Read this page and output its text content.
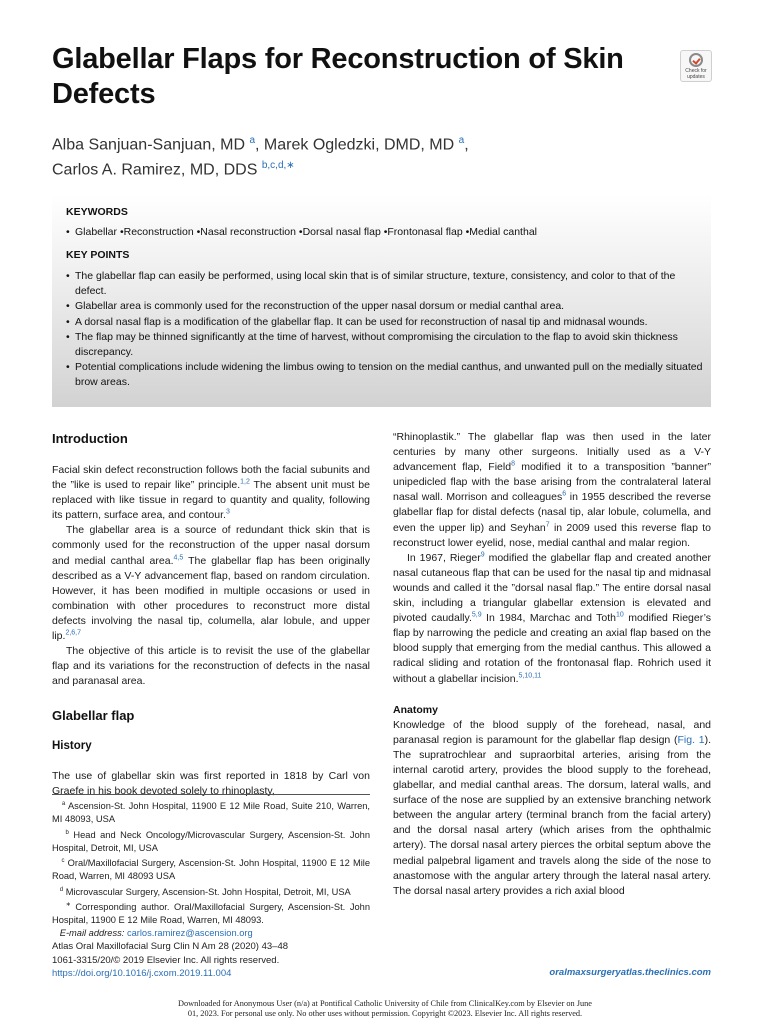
Glabellar Flaps for Reconstruction of Skin Defects
Check for updates
Alba Sanjuan-Sanjuan, MD $^a$, Marek Ogledzki, DMD, MD $^a$,
Carlos A. Ramirez, MD, DDS $^{b,c,d,∗}$
KEYWORDS
• Glabellar • Reconstruction • Nasal reconstruction • Dorsal nasal flap • Frontonasal flap • Medial canthal
KEY POINTS
• The glabellar flap can easily be performed, using local skin that is of similar structure, texture, consistency, and color to that of the defect.
• Glabellar area is commonly used for the reconstruction of the upper nasal dorsum or medial canthal area.
• A dorsal nasal flap is a modification of the glabellar flap. It can be used for reconstruction of nasal tip and midnasal wounds.
• The flap may be thinned significantly at the time of harvest, without compromising the circulation to the flap to avoid skin thickness discrepancy.
• Potential complications include widening the limbus owing to tension on the medial canthus, and unwanted pull on the medially situated brow areas.
Introduction

Facial skin defect reconstruction follows both the facial subunits and the ”like is used to repair like” principle.$^{1,2}$ The absent unit must be replaced with like tissue in regard to quantity and quality, following its pattern, surface area, and contour.$^3$

The glabellar area is a source of redundant thick skin that is commonly used for the reconstruction of the upper nasal dorsum and medial canthal area.$^{4,5}$ The glabellar flap has been originally described as a V-Y advancement flap, based on random circulation. However, it has been modified in multiple occasions or used in combination with other procedures to reconstruct more distal defects involving the nasal tip, columella, alar lobule, and upper lip.$^{2,6,7}$

The objective of this article is to revisit the use of the glabellar flap and its variations for the reconstruction of defects in the nasal and paranasal area.

Glabellar flap
History

The use of glabellar skin was first reported in 1818 by Carl von Graefe in his book devoted solely to rhinoplasty,

$^a$ Ascension-St. John Hospital, 11900 E 12 Mile Road, Suite 210, Warren, MI 48093, USA

$^b$ Head and Neck Oncology/Microvascular Surgery, Ascension-St. John Hospital, Detroit, MI, USA

$^c$ Oral/Maxillofacial Surgery, Ascension-St. John Hospital, 11900 E 12 Mile Road, Warren, MI 48093 USA

$^d$ Microvascular Surgery, Ascension-St. John Hospital, Detroit, MI, USA

∗ Corresponding author. Oral/Maxillofacial Surgery, Ascension-St. John Hospital, 11900 E 12 Mile Road, Warren, MI 48093.

E-mail address: carlos.ramirez@ascension.org

“Rhinoplastik.” The glabellar flap was then used in the later centuries by many other surgeons. Initially used as a V-Y advancement flap, Field$^8$ modified it to a transposition ”banner” unipedicled flap with the base arising from the contralateral lateral nasal wall. Morrison and colleagues$^6$ in 1955 described the reverse glabellar flap for distal defects (nasal tip, alar lobule, columella, and even the upper lip) and Seyhan$^7$ in 2009 used this reverse flap to reconstruct lower eyelid, nose, medial canthal and malar region.

In 1967, Rieger$^9$ modified the glabellar flap and created another nasal cutaneous flap that can be used for the nasal tip and midnasal wounds and called it the ”dorsal nasal flap.” The entire dorsal nasal skin, including a triangular glabellar extension is elevated and pivoted caudally.$^{5,9}$ In 1984, Marchac and Toth$^{10}$ modified Rieger’s flap by narrowing the pedicle and creating an axial flap based on the blood supply that emerging from the medial canthus. This allowed a radical sliding and rotation of the frontonasal flap. Rohrich used it without a glabellar incision.$^{5,10,11}$

Anatomy

Knowledge of the blood supply of the forehead, nasal, and paranasal region is paramount for the glabellar flap design (Fig. 1). The supratrochlear and supraorbital arteries, arising from the internal carotid artery, provides the blood supply to the forehead, glabellar, and medial canthal areas. The dorsum, lateral walls, and surface of the nose are supplied by an extensive branching network between the angular artery (terminal branch from the facial artery) and the dorsal nasal artery (which arises from the ophthalmic artery). The dorsal nasal artery pierces the orbital septum above the medial palpebral ligament and travels along the side of the nose to anastomose with the angular artery through the lateral nasal artery. The dorsal nasal artery provides a rich axial blood

Atlas Oral Maxillofacial Surg Clin N Am 28 (2020) 43–48
1061-3315/20/© 2019 Elsevier Inc. All rights reserved.
https://doi.org/10.1016/j.cxom.2019.11.004	oralmaxsurgeryatlas.theclinics.com
Downloaded for Anonymous User (n/a) at Pontifical Catholic University of Chile from ClinicalKey.com by Elsevier on June
01, 2023. For personal use only. No other uses without permission. Copyright ©2023. Elsevier Inc. All rights reserved.
